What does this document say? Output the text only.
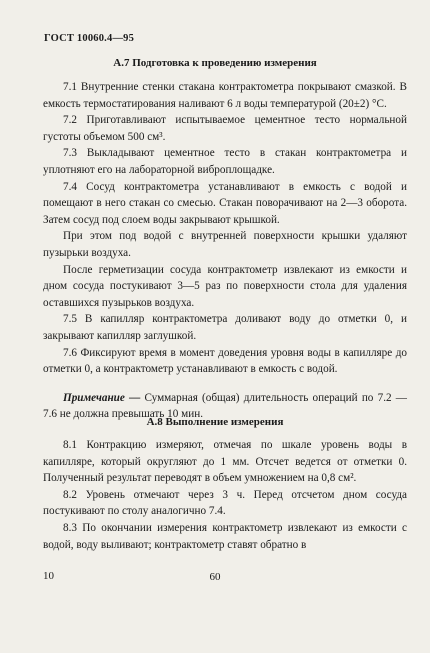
ГОСТ 10060.4—95
А.7 Подготовка к проведению измерения

7.1 Внутренние стенки стакана контрактометра покрывают смазкой. В емкость термостатирования наливают 6 л воды температурой (20±2) °С.

7.2 Приготавливают испытываемое цементное тесто нормальной густоты объемом 500 см³.

7.3 Выкладывают цементное тесто в стакан контрактометра и уплотняют его на лабораторной виброплощадке.

7.4 Сосуд контрактометра устанавливают в емкость с водой и помещают в него стакан со смесью. Стакан поворачивают на 2—3 оборота. Затем сосуд под слоем воды закрывают крышкой.

При этом под водой с внутренней поверхности крышки удаляют пузырьки воздуха.

После герметизации сосуда контрактометр извлекают из емкости и дном сосуда постукивают 3—5 раз по поверхности стола для удаления оставшихся пузырьков воздуха.

7.5 В капилляр контрактометра доливают воду до отметки 0, и закрывают капилляр заглушкой.

7.6 Фиксируют время в момент доведения уровня воды в капилляре до отметки 0, а контрактометр устанавливают в емкость с водой.

Примечание — Суммарная (общая) длительность операций по 7.2 — 7.6 не должна превышать 10 мин.

А.8 Выполнение измерения

8.1 Контракцию измеряют, отмечая по шкале уровень воды в капилляре, который округляют до 1 мм. Отсчет ведется от отметки 0. Полученный результат переводят в объем умножением на 0,8 см².

8.2 Уровень отмечают через 3 ч. Перед отсчетом дном сосуда постукивают по столу аналогично 7.4.

8.3 По окончании измерения контрактометр извлекают из емкости с водой, воду выливают; контрактометр ставят обратно в

10	60
